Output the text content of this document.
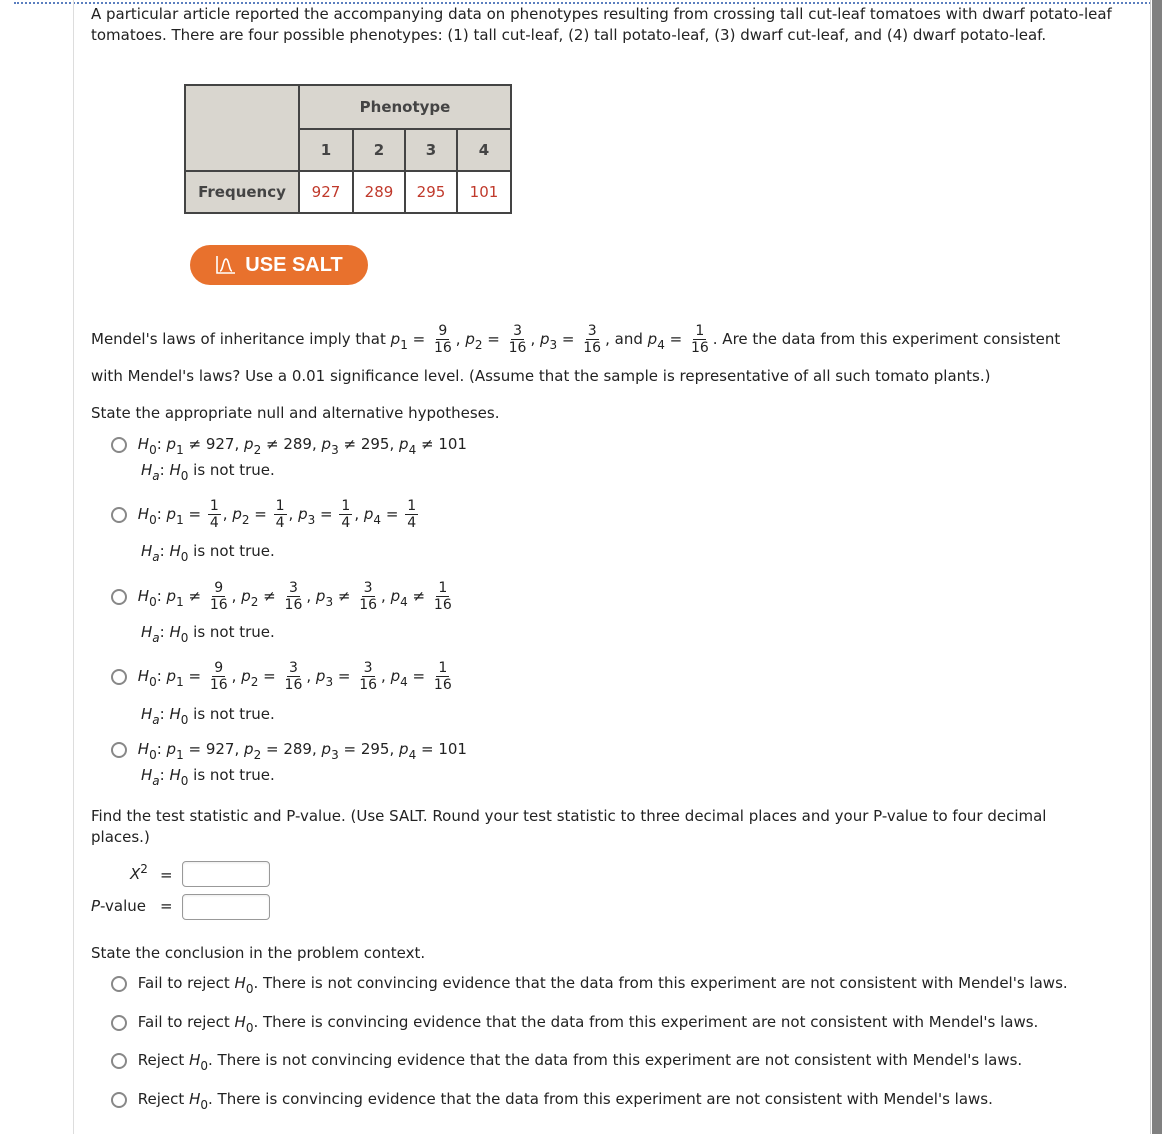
A particular article reported the accompanying data on phenotypes resulting from crossing tall cut-leaf tomatoes with dwarf potato-leaf tomatoes. There are four possible phenotypes: (1) tall cut-leaf, (2) tall potato-leaf, (3) dwarf cut-leaf, and (4) dwarf potato-leaf.

	Phenotype			
	1	2	3	4
Frequency	927	289	295	101
USE SALT
Mendel's laws of inheritance imply that $p_1 = \frac{9}{16}$ , $p_2 = \frac{3}{16}$ , $p_3 = \frac{3}{16}$ , and $p_4 = \frac{1}{16}$ . Are the data from this experiment consistent
with Mendel's laws? Use a 0.01 significance level. (Assume that the sample is representative of all such tomato plants.)
State the appropriate null and alternative hypotheses.
$H_0$: $p_1 \ne 927$, $p_2 \ne 289$, $p_3 \ne 295$, $p_4 \ne 101$
$H_a$: $H_0$ is not true.
$H_0$: $p_1 = \frac{1}{4}$ , $p_2 = \frac{1}{4}$ , $p_3 = \frac{1}{4}$ , $p_4 = \frac{1}{4}$
$H_a$: $H_0$ is not true.
$H_0$: $p_1 \ne \frac{9}{16}$ , $p_2 \ne \frac{3}{16}$ , $p_3 \ne \frac{3}{16}$ , $p_4 \ne \frac{1}{16}$
$H_a$: $H_0$ is not true.
$H_0$: $p_1 = \frac{9}{16}$ , $p_2 = \frac{3}{16}$ , $p_3 = \frac{3}{16}$ , $p_4 = \frac{1}{16}$
$H_a$: $H_0$ is not true.
$H_0$: $p_1 = 927$, $p_2 = 289$, $p_3 = 295$, $p_4 = 101$
$H_a$: $H_0$ is not true.
Find the test statistic and P-value. (Use SALT. Round your test statistic to three decimal places and your P-value to four decimal
places.)
$X^2$ =
P-value =
State the conclusion in the problem context.
Fail to reject $H_0$. There is not convincing evidence that the data from this experiment are not consistent with Mendel's laws.
Fail to reject $H_0$. There is convincing evidence that the data from this experiment are not consistent with Mendel's laws.
Reject $H_0$. There is not convincing evidence that the data from this experiment are not consistent with Mendel's laws.
Reject $H_0$. There is convincing evidence that the data from this experiment are not consistent with Mendel's laws.
